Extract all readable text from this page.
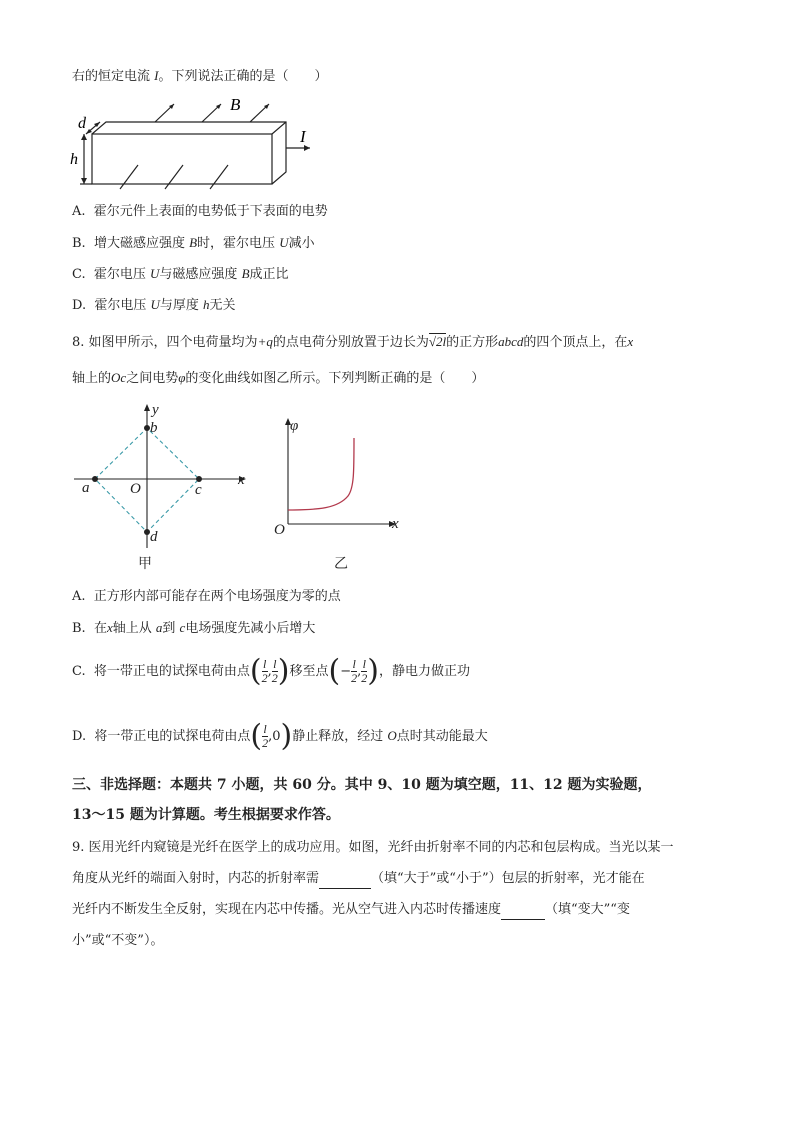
右的恒定电流 I。下列说法正确的是（　　）
B
I
d
h
A. 霍尔元件上表面的电势低于下表面的电势
B. 增大磁感应强度 B时，霍尔电压 U减小
C. 霍尔电压 U与磁感应强度 B成正比
D. 霍尔电压 U与厚度 h无关
8. 如图甲所示，四个电荷量均为+q的点电荷分别放置于边长为√2l的正方形abcd的四个顶点上，在x
轴上的Oc之间电势φ的变化曲线如图乙所示。下列判断正确的是（　　）
y
b
a	O	c
d
x
甲
φ
O	x
乙
A. 正方形内部可能存在两个电场强度为零的点
B. 在x轴上从 a到 c电场强度先减小后增大
C. 将一带正电的试探电荷由点( $\frac{l}{2}$ , $\frac{l}{2}$ )移至点(− $\frac{l}{2}$ , $\frac{l}{2}$ )，静电力做正功
D. 将一带正电的试探电荷由点( $\frac{l}{2} ,0$)静止释放，经过 O点时其动能最大
三、非选择题：本题共 7 小题，共 60 分。其中 9、10 题为填空题，11、12 题为实验题，
13～15 题为计算题。考生根据要求作答。
9. 医用光纤内窥镜是光纤在医学上的成功应用。如图，光纤由折射率不同的内芯和包层构成。当光以某一
角度从光纤的端面入射时，内芯的折射率需	（填“大于”或“小于”）包层的折射率，光才能在
光纤内不断发生全反射，实现在内芯中传播。光从空气进入内芯时传播速度	（填“变大”“变
小”或“不变”）。
